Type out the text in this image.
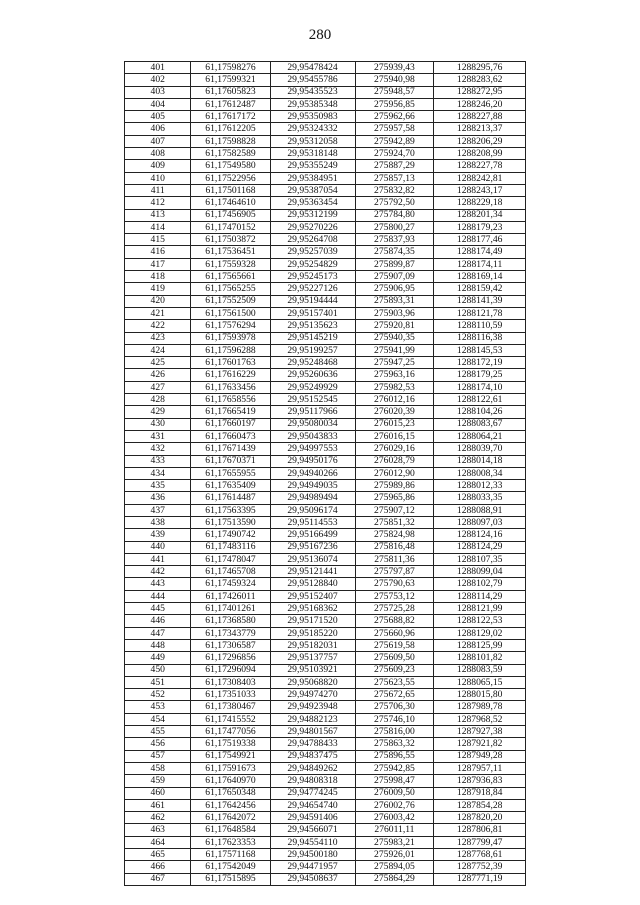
280
401	61,17598276	29,95478424	275939,43	1288295,76
402	61,17599321	29,95455786	275940,98	1288283,62
403	61,17605823	29,95435523	275948,57	1288272,95
404	61,17612487	29,95385348	275956,85	1288246,20
405	61,17617172	29,95350983	275962,66	1288227,88
406	61,17612205	29,95324332	275957,58	1288213,37
407	61,17598828	29,95312058	275942,89	1288206,29
408	61,17582589	29,95318148	275924,70	1288208,99
409	61,17549580	29,95355249	275887,29	1288227,78
410	61,17522956	29,95384951	275857,13	1288242,81
411	61,17501168	29,95387054	275832,82	1288243,17
412	61,17464610	29,95363454	275792,50	1288229,18
413	61,17456905	29,95312199	275784,80	1288201,34
414	61,17470152	29,95270226	275800,27	1288179,23
415	61,17503872	29,95264708	275837,93	1288177,46
416	61,17536451	29,95257039	275874,35	1288174,49
417	61,17559328	29,95254829	275899,87	1288174,11
418	61,17565661	29,95245173	275907,09	1288169,14
419	61,17565255	29,95227126	275906,95	1288159,42
420	61,17552509	29,95194444	275893,31	1288141,39
421	61,17561500	29,95157401	275903,96	1288121,78
422	61,17576294	29,95135623	275920,81	1288110,59
423	61,17593978	29,95145219	275940,35	1288116,38
424	61,17596288	29,95199257	275941,99	1288145,53
425	61,17601763	29,95248468	275947,25	1288172,19
426	61,17616229	29,95260636	275963,16	1288179,25
427	61,17633456	29,95249929	275982,53	1288174,10
428	61,17658556	29,95152545	276012,16	1288122,61
429	61,17665419	29,95117966	276020,39	1288104,26
430	61,17660197	29,95080034	276015,23	1288083,67
431	61,17660473	29,95043833	276016,15	1288064,21
432	61,17671439	29,94997553	276029,16	1288039,70
433	61,17670371	29,94950176	276028,79	1288014,18
434	61,17655955	29,94940266	276012,90	1288008,34
435	61,17635409	29,94949035	275989,86	1288012,33
436	61,17614487	29,94989494	275965,86	1288033,35
437	61,17563395	29,95096174	275907,12	1288088,91
438	61,17513590	29,95114553	275851,32	1288097,03
439	61,17490742	29,95166499	275824,98	1288124,16
440	61,17483116	29,95167236	275816,48	1288124,29
441	61,17478047	29,95136074	275811,36	1288107,35
442	61,17465708	29,95121441	275797,87	1288099,04
443	61,17459324	29,95128840	275790,63	1288102,79
444	61,17426011	29,95152407	275753,12	1288114,29
445	61,17401261	29,95168362	275725,28	1288121,99
446	61,17368580	29,95171520	275688,82	1288122,53
447	61,17343779	29,95185220	275660,96	1288129,02
448	61,17306587	29,95182031	275619,58	1288125,99
449	61,17296856	29,95137757	275609,50	1288101,82
450	61,17296094	29,95103921	275609,23	1288083,59
451	61,17308403	29,95068820	275623,55	1288065,15
452	61,17351033	29,94974270	275672,65	1288015,80
453	61,17380467	29,94923948	275706,30	1287989,78
454	61,17415552	29,94882123	275746,10	1287968,52
455	61,17477056	29,94801567	275816,00	1287927,38
456	61,17519338	29,94788433	275863,32	1287921,82
457	61,17549921	29,94837475	275896,55	1287949,28
458	61,17591673	29,94849262	275942,85	1287957,11
459	61,17640970	29,94808318	275998,47	1287936,83
460	61,17650348	29,94774245	276009,50	1287918,84
461	61,17642456	29,94654740	276002,76	1287854,28
462	61,17642072	29,94591406	276003,42	1287820,20
463	61,17648584	29,94566071	276011,11	1287806,81
464	61,17623353	29,94554110	275983,21	1287799,47
465	61,17571168	29,94500180	275926,01	1287768,61
466	61,17542049	29,94471957	275894,05	1287752,39
467	61,17515895	29,94508637	275864,29	1287771,19
